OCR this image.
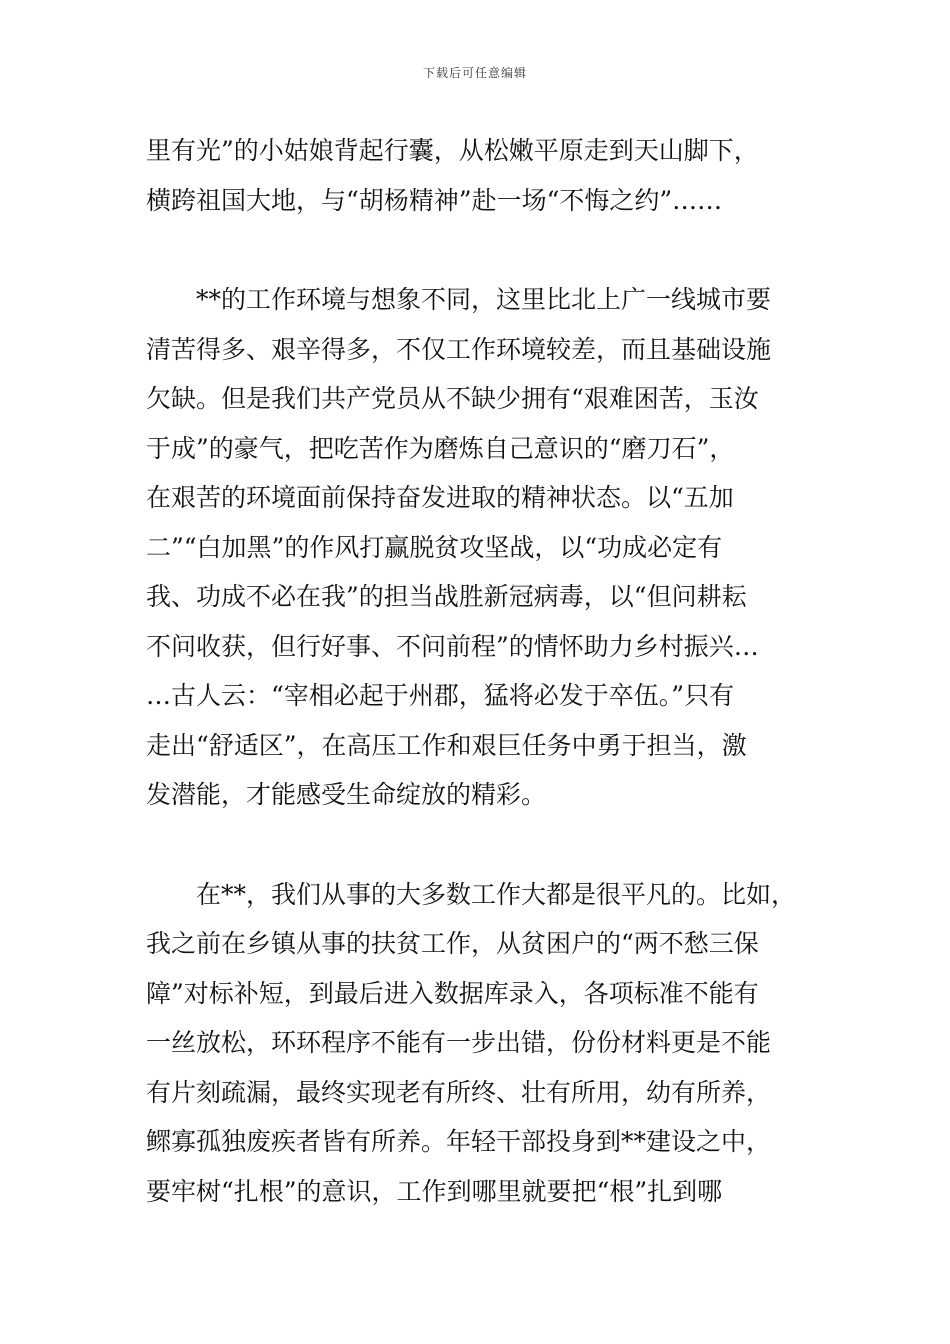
下载后可任意编辑
里有光”的小姑娘背起行囊，从松嫩平原走到天山脚下，
横跨祖国大地，与“胡杨精神”赴一场“不悔之约”……
　　**的工作环境与想象不同，这里比北上广一线城市要
清苦得多、艰辛得多，不仅工作环境较差，而且基础设施
欠缺。但是我们共产党员从不缺少拥有“艰难困苦，玉汝
于成”的豪气，把吃苦作为磨炼自己意识的“磨刀石”，
在艰苦的环境面前保持奋发进取的精神状态。以“五加
二”“白加黑”的作风打赢脱贫攻坚战，以“功成必定有
我、功成不必在我”的担当战胜新冠病毒，以“但问耕耘
不问收获，但行好事、不问前程”的情怀助力乡村振兴…
…古人云：“宰相必起于州郡，猛将必发于卒伍。”只有
走出“舒适区”，在高压工作和艰巨任务中勇于担当，激
发潜能，才能感受生命绽放的精彩。
　　在**，我们从事的大多数工作大都是很平凡的。比如，
我之前在乡镇从事的扶贫工作，从贫困户的“两不愁三保
障”对标补短，到最后进入数据库录入，各项标准不能有
一丝放松，环环程序不能有一步出错，份份材料更是不能
有片刻疏漏，最终实现老有所终、壮有所用，幼有所养，
鳏寡孤独废疾者皆有所养。年轻干部投身到**建设之中，
要牢树“扎根”的意识，工作到哪里就要把“根”扎到哪
